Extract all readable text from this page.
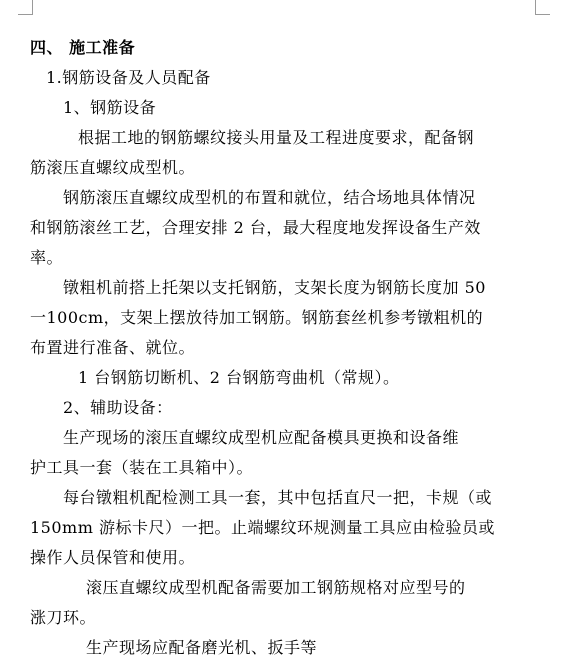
四、 施工准备
1.钢筋设备及人员配备
1、钢筋设备
根据工地的钢筋螺纹接头用量及工程进度要求，配备钢
筋滚压直螺纹成型机。
钢筋滚压直螺纹成型机的布置和就位，结合场地具体情况
和钢筋滚丝工艺，合理安排 2 台，最大程度地发挥设备生产效
率。
镦粗机前搭上托架以支托钢筋，支架长度为钢筋长度加 50
一100cm，支架上摆放待加工钢筋。钢筋套丝机参考镦粗机的
布置进行准备、就位。
1 台钢筋切断机、2 台钢筋弯曲机（常规）。
2、辅助设备：
生产现场的滚压直螺纹成型机应配备模具更换和设备维
护工具一套（装在工具箱中）。
每台镦粗机配检测工具一套，其中包括直尺一把，卡规（或
150mm 游标卡尺）一把。止端螺纹环规测量工具应由检验员或
操作人员保管和使用。
滚压直螺纹成型机配备需要加工钢筋规格对应型号的
涨刀环。
生产现场应配备磨光机、扳手等
